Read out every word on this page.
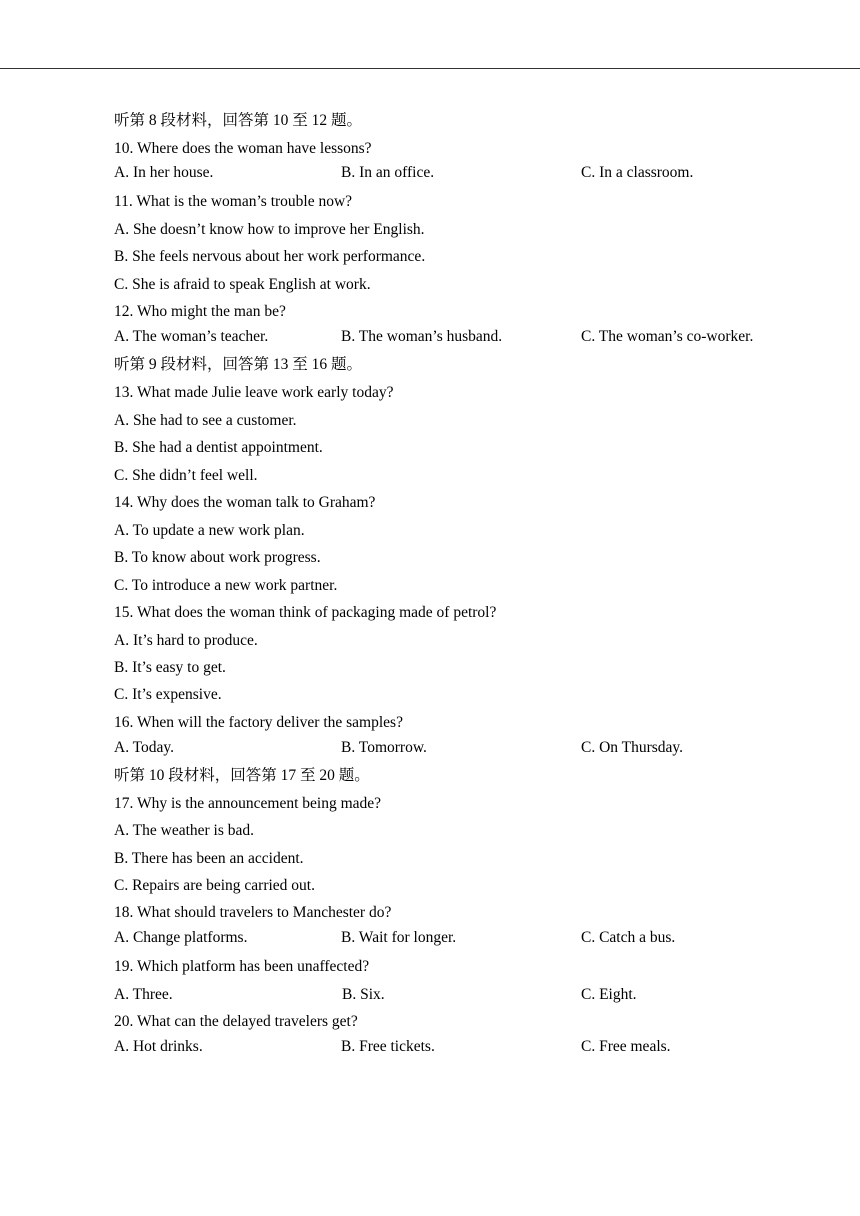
听第 8 段材料，回答第 10 至 12 题。
10. Where does the woman have lessons?
A. In her house.	B. In an office.	C. In a classroom.
11. What is the woman’s trouble now?
A. She doesn’t know how to improve her English.
B. She feels nervous about her work performance.
C. She is afraid to speak English at work.
12. Who might the man be?
A. The woman’s teacher.	B. The woman’s husband.	C. The woman’s co-worker.
听第 9 段材料，回答第 13 至 16 题。
13. What made Julie leave work early today?
A. She had to see a customer.
B. She had a dentist appointment.
C. She didn’t feel well.
14. Why does the woman talk to Graham?
A. To update a new work plan.
B. To know about work progress.
C. To introduce a new work partner.
15. What does the woman think of packaging made of petrol?
A. It’s hard to produce.
B. It’s easy to get.
C. It’s expensive.
16. When will the factory deliver the samples?
A. Today.	B. Tomorrow.	C. On Thursday.
听第 10 段材料，回答第 17 至 20 题。
17. Why is the announcement being made?
A. The weather is bad.
B. There has been an accident.
C. Repairs are being carried out.
18. What should travelers to Manchester do?
A. Change platforms.	B. Wait for longer.	C. Catch a bus.
19. Which platform has been unaffected?
A. Three.	B. Six.	C. Eight.
20. What can the delayed travelers get?
A. Hot drinks.	B. Free tickets.	C. Free meals.
